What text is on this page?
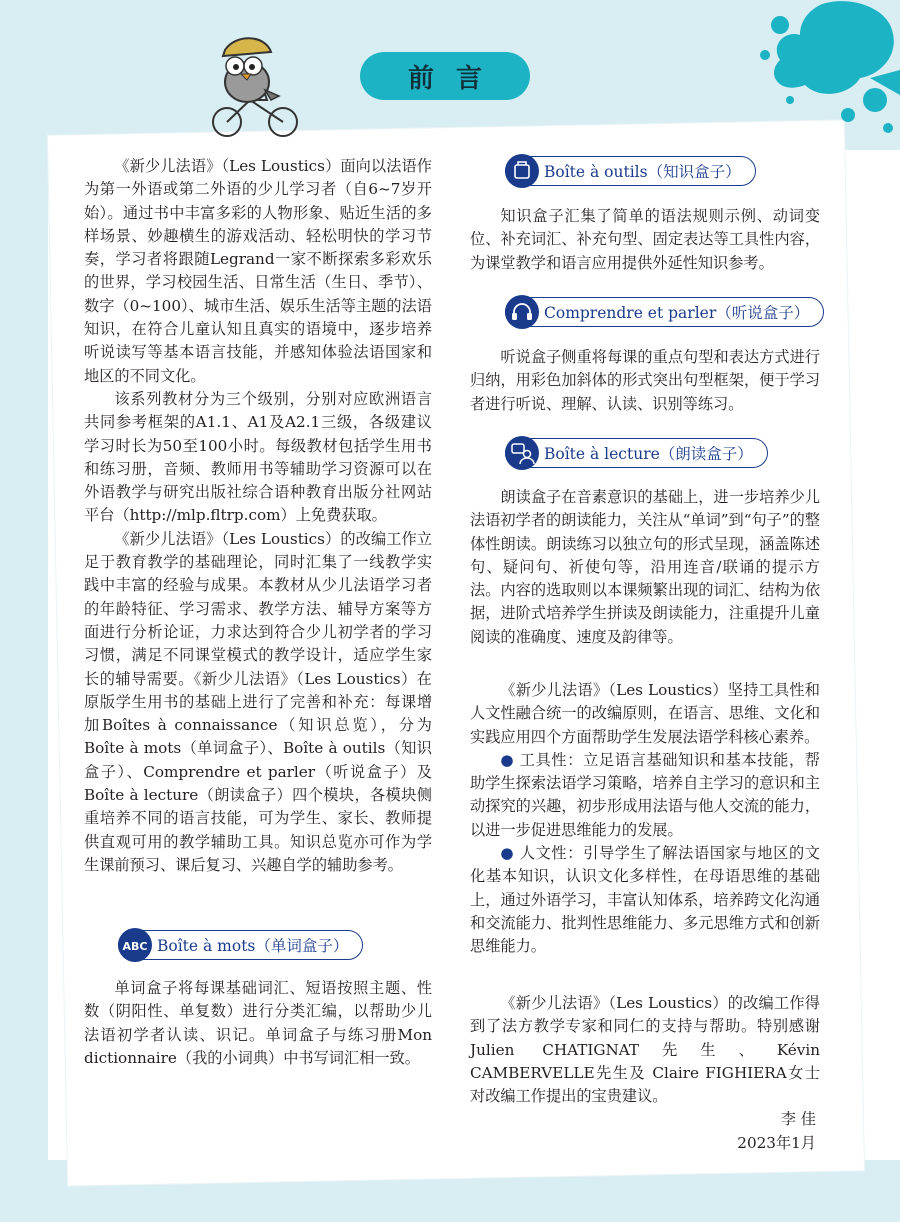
前言

《新少儿法语》（Les Loustics）面向以法语作为第一外语或第二外语的少儿学习者（自6~7岁开始）。通过书中丰富多彩的人物形象、贴近生活的多样场景、妙趣横生的游戏活动、轻松明快的学习节奏，学习者将跟随Legrand一家不断探索多彩欢乐的世界，学习校园生活、日常生活（生日、季节）、数字（0~100）、城市生活、娱乐生活等主题的法语知识，在符合儿童认知且真实的语境中，逐步培养听说读写等基本语言技能，并感知体验法语国家和地区的不同文化。

该系列教材分为三个级别，分别对应欧洲语言共同参考框架的A1.1、A1及A2.1三级，各级建议学习时长为50至100小时。每级教材包括学生用书和练习册，音频、教师用书等辅助学习资源可以在外语教学与研究出版社综合语种教育出版分社网站平台（http://mlp.fltrp.com）上免费获取。

《新少儿法语》（Les Loustics）的改编工作立足于教育教学的基础理论，同时汇集了一线教学实践中丰富的经验与成果。本教材从少儿法语学习者的年龄特征、学习需求、教学方法、辅导方案等方面进行分析论证，力求达到符合少儿初学者的学习习惯，满足不同课堂模式的教学设计，适应学生家长的辅导需要。《新少儿法语》（Les Loustics）在原版学生用书的基础上进行了完善和补充：每课增加Boîtes à connaissance（知识总览），分为Boîte à mots（单词盒子）、Boîte à outils（知识盒子）、Comprendre et parler（听说盒子）及Boîte à lecture（朗读盒子）四个模块，各模块侧重培养不同的语言技能，可为学生、家长、教师提供直观可用的教学辅助工具。知识总览亦可作为学生课前预习、课后复习、兴趣自学的辅助参考。

ABC Boîte à mots（单词盒子）

单词盒子将每课基础词汇、短语按照主题、性数（阴阳性、单复数）进行分类汇编，以帮助少儿法语初学者认读、识记。单词盒子与练习册Mon dictionnaire（我的小词典）中书写词汇相一致。

Boîte à outils（知识盒子）

知识盒子汇集了简单的语法规则示例、动词变位、补充词汇、补充句型、固定表达等工具性内容，为课堂教学和语言应用提供外延性知识参考。

Comprendre et parler（听说盒子）

听说盒子侧重将每课的重点句型和表达方式进行归纳，用彩色加斜体的形式突出句型框架，便于学习者进行听说、理解、认读、识别等练习。

Boîte à lecture（朗读盒子）

朗读盒子在音素意识的基础上，进一步培养少儿法语初学者的朗读能力，关注从“单词”到“句子”的整体性朗读。朗读练习以独立句的形式呈现，涵盖陈述句、疑问句、祈使句等，沿用连音/联诵的提示方法。内容的选取则以本课频繁出现的词汇、结构为依据，进阶式培养学生拼读及朗读能力，注重提升儿童阅读的准确度、速度及韵律等。

《新少儿法语》（Les Loustics）坚持工具性和人文性融合统一的改编原则，在语言、思维、文化和实践应用四个方面帮助学生发展法语学科核心素养。

● 工具性：立足语言基础知识和基本技能，帮助学生探索法语学习策略，培养自主学习的意识和主动探究的兴趣，初步形成用法语与他人交流的能力，以进一步促进思维能力的发展。

● 人文性：引导学生了解法语国家与地区的文化基本知识，认识文化多样性，在母语思维的基础上，通过外语学习，丰富认知体系，培养跨文化沟通和交流能力、批判性思维能力、多元思维方式和创新思维能力。

《新少儿法语》（Les Loustics）的改编工作得到了法方教学专家和同仁的支持与帮助。特别感谢Julien CHATIGNAT先生、Kévin CAMBERVELLE先生及 Claire FIGHIERA女士对改编工作提出的宝贵建议。

李 佳
2023年1月
